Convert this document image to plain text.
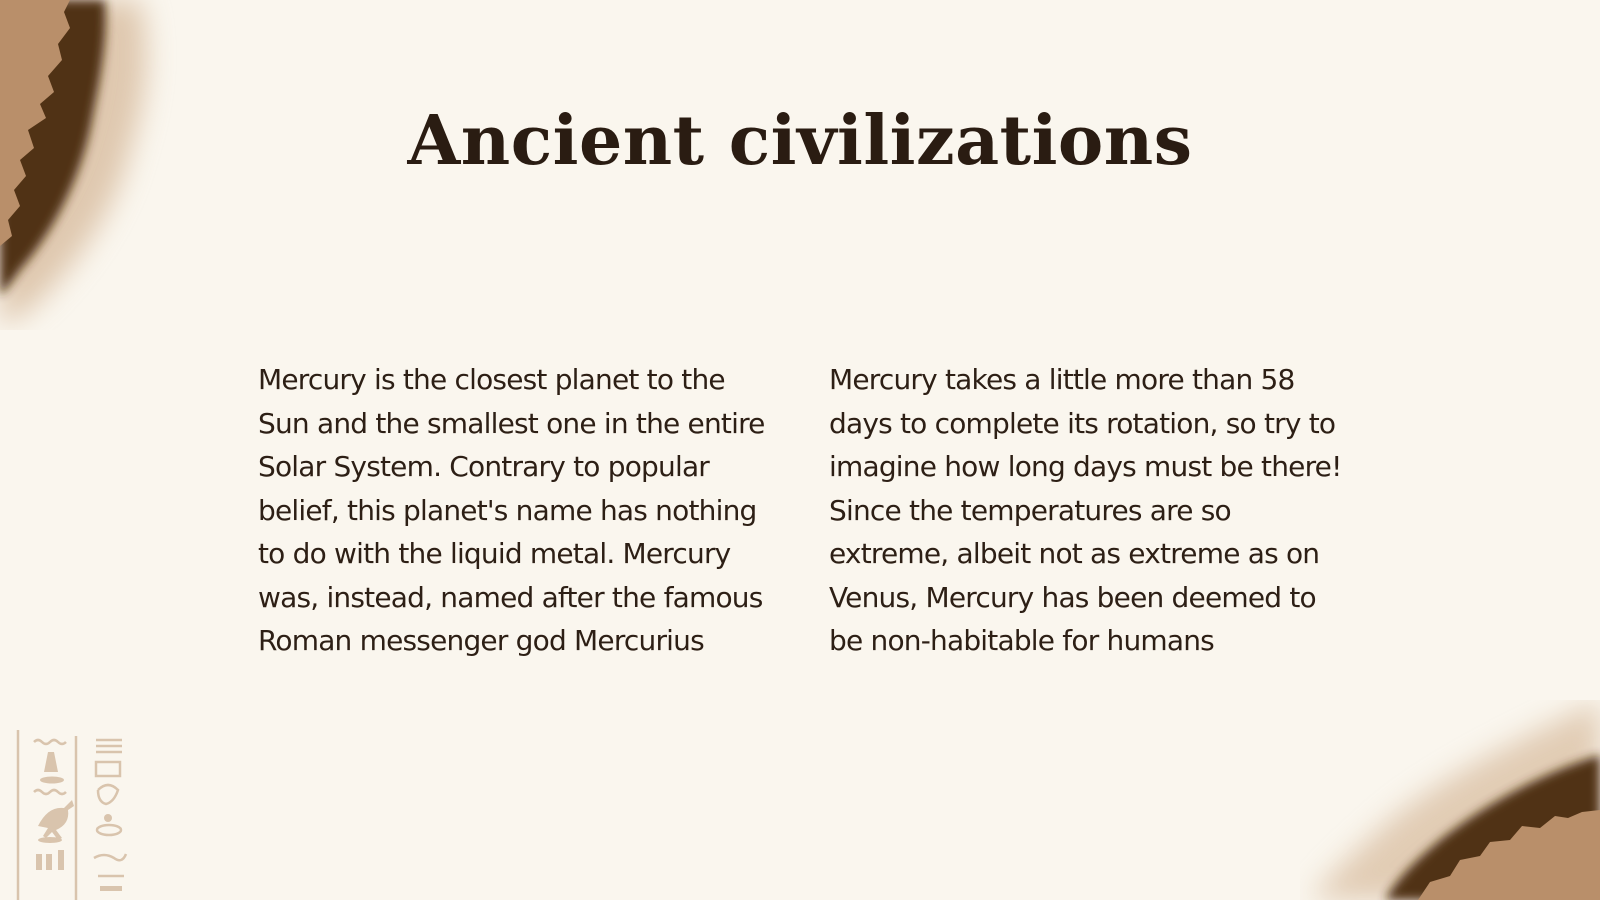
Ancient civilizations

Mercury is the closest planet to the Sun and the smallest one in the entire Solar System. Contrary to popular belief, this planet's name has nothing to do with the liquid metal. Mercury was, instead, named after the famous Roman messenger god Mercurius

Mercury takes a little more than 58 days to complete its rotation, so try to imagine how long days must be there! Since the temperatures are so extreme, albeit not as extreme as on Venus, Mercury has been deemed to be non-habitable for humans
